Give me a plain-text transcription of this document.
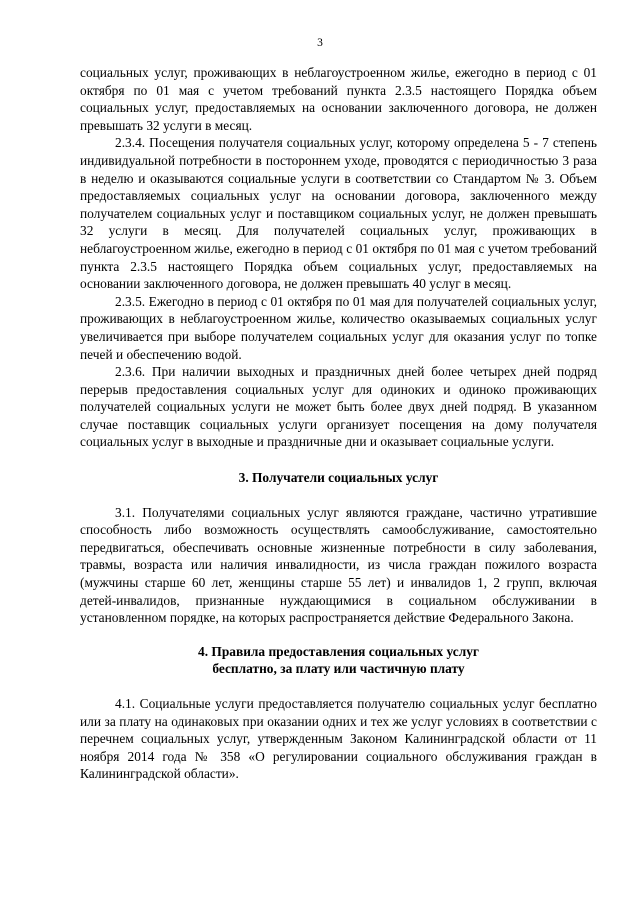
3

социальных услуг, проживающих в неблагоустроенном жилье, ежегодно в период с 01 октября по 01 мая с учетом требований пункта 2.3.5 настоящего Порядка объем социальных услуг, предоставляемых на основании заключенного договора, не должен превышать 32 услуги в месяц.

2.3.4. Посещения получателя социальных услуг, которому определена 5 - 7 степень индивидуальной потребности в постороннем уходе, проводятся с периодичностью 3 раза в неделю и оказываются социальные услуги в соответствии со Стандартом № 3. Объем предоставляемых социальных услуг на основании договора, заключенного между получателем социальных услуг и поставщиком социальных услуг, не должен превышать 32 услуги в месяц. Для получателей социальных услуг, проживающих в неблагоустроенном жилье, ежегодно в период с 01 октября по 01 мая с учетом требований пункта 2.3.5 настоящего Порядка объем социальных услуг, предоставляемых на основании заключенного договора, не должен превышать 40 услуг в месяц.

2.3.5. Ежегодно в период с 01 октября по 01 мая для получателей социальных услуг, проживающих в неблагоустроенном жилье, количество оказываемых социальных услуг увеличивается при выборе получателем социальных услуг для оказания услуг по топке печей и обеспечению водой.

2.3.6. При наличии выходных и праздничных дней более четырех дней подряд перерыв предоставления социальных услуг для одиноких и одиноко проживающих получателей социальных услуги не может быть более двух дней подряд. В указанном случае поставщик социальных услуги организует посещения на дому получателя социальных услуг в выходные и праздничные дни и оказывает социальные услуги.

3. Получатели социальных услуг

3.1. Получателями социальных услуг являются граждане, частично утратившие способность либо возможность осуществлять самообслуживание, самостоятельно передвигаться, обеспечивать основные жизненные потребности в силу заболевания, травмы, возраста или наличия инвалидности, из числа граждан пожилого возраста (мужчины старше 60 лет, женщины старше 55 лет) и инвалидов 1, 2 групп, включая детей-инвалидов, признанные нуждающимися в социальном обслуживании в установленном порядке, на которых распространяется действие Федерального Закона.

4. Правила предоставления социальных услуг
бесплатно, за плату или частичную плату

4.1. Социальные услуги предоставляется получателю социальных услуг бесплатно или за плату на одинаковых при оказании одних и тех же услуг условиях в соответствии с перечнем социальных услуг, утвержденным Законом Калининградской области от 11 ноября 2014 года № 358 «О регулировании социального обслуживания граждан в Калининградской области».
